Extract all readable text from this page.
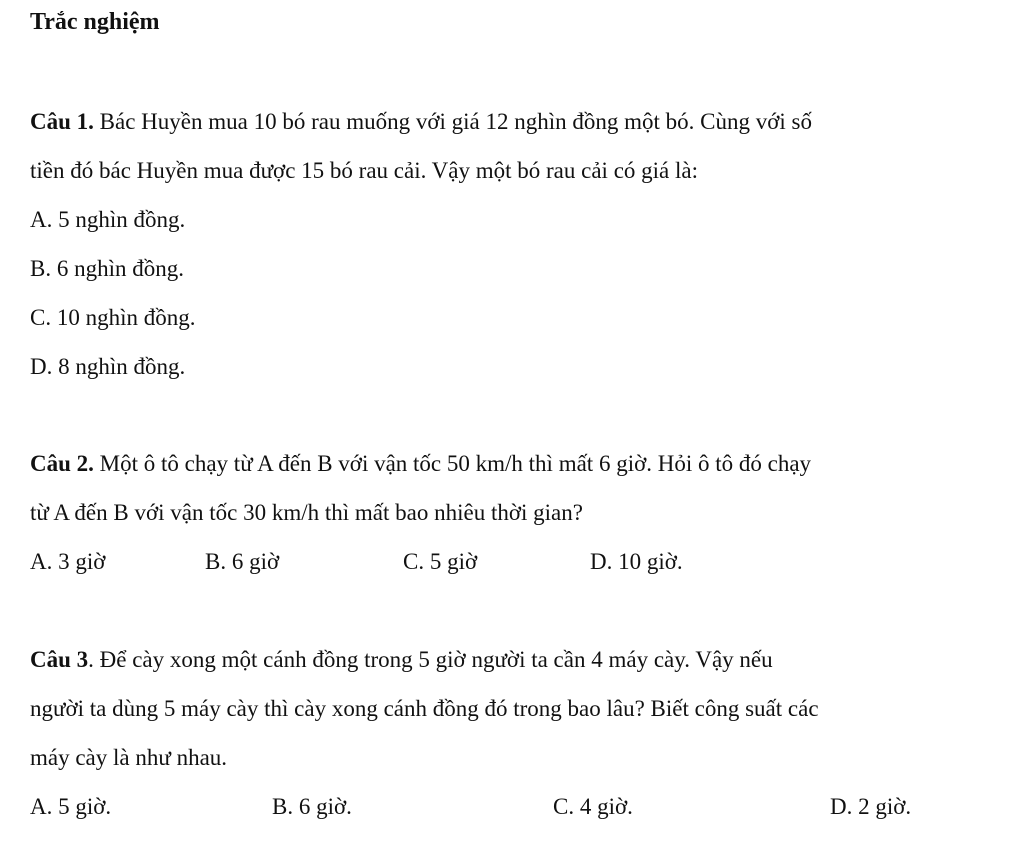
Trắc nghiệm
Câu 1. Bác Huyền mua 10 bó rau muống với giá 12 nghìn đồng một bó. Cùng với số
tiền đó bác Huyền mua được 15 bó rau cải. Vậy một bó rau cải có giá là:
A. 5 nghìn đồng.
B. 6 nghìn đồng.
C. 10 nghìn đồng.
D. 8 nghìn đồng.
Câu 2. Một ô tô chạy từ A đến B với vận tốc 50 km/h thì mất 6 giờ. Hỏi ô tô đó chạy
từ A đến B với vận tốc 30 km/h thì mất bao nhiêu thời gian?
A. 3 giờ	B. 6 giờ	C. 5 giờ	D. 10 giờ.
Câu 3. Để cày xong một cánh đồng trong 5 giờ người ta cần 4 máy cày. Vậy nếu
người ta dùng 5 máy cày thì cày xong cánh đồng đó trong bao lâu? Biết công suất các
máy cày là như nhau.
A. 5 giờ.	B. 6 giờ.	C. 4 giờ.	D. 2 giờ.
